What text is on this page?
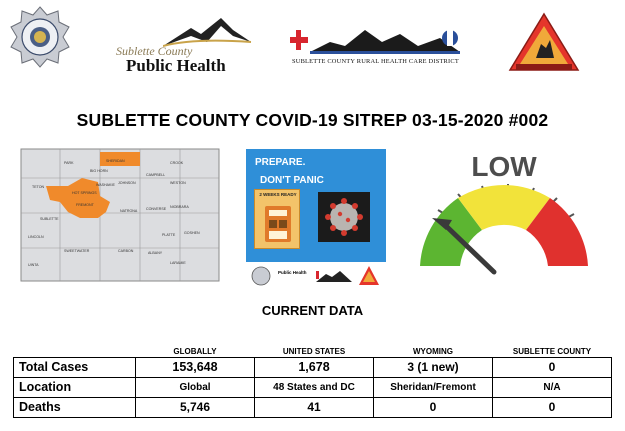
Sublette County
Public Health	SUBLETTE COUNTY RURAL HEALTH CARE DISTRICT
SUBLETTE COUNTY COVID-19 SITREP 03-15-2020 #002
PARK	SHERIDAN	CROOK
BIG HORN
CAMPBELL
TETON	WASHAKIE JOHNSON	WESTON
HOT SPRINGS
FREMONT
NATRONA CONVERSE NIOBRARA
SUBLETTE
PLATTE GOSHEN
LINCOLN
SWEETWATER	CARBON	ALBANY
LARAMIE
UINTA
PREPARE.
DON'T PANIC
2 WEEKS READY
Public Health
LOW
CURRENT DATA
	GLOBALLY	UNITED STATES	WYOMING	SUBLETTE COUNTY
Total Cases	153,648	1,678	3 (1 new)	0
Location	Global	48 States and DC	Sheridan/Fremont	N/A
Deaths	5,746	41	0	0
